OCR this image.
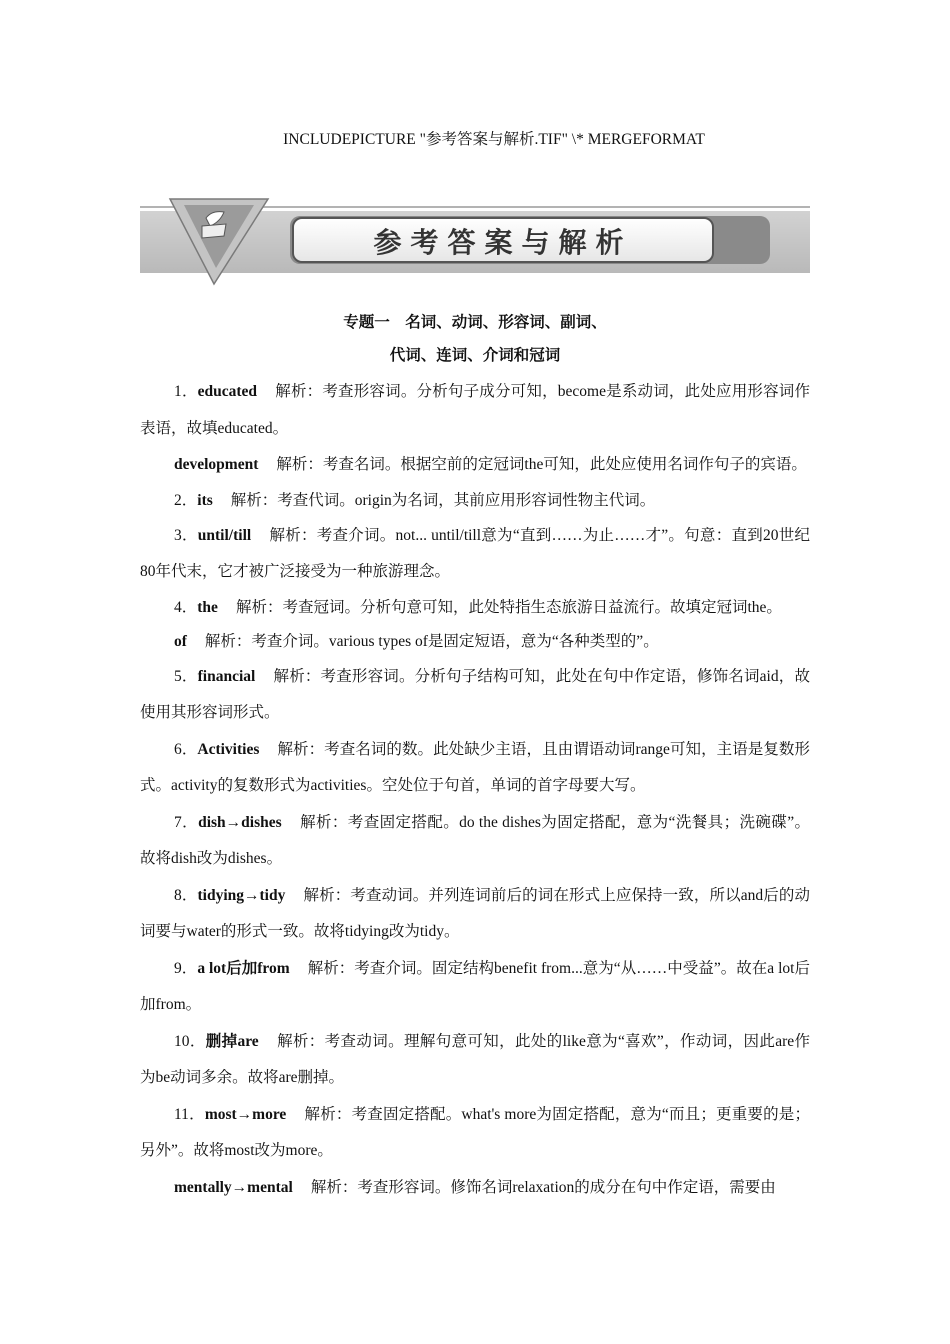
INCLUDEPICTURE "参考答案与解析.TIF" \* MERGEFORMAT
参考答案与解析
专题一　名词、动词、形容词、副词、
代词、连词、介词和冠词

1．educated 解析：考查形容词。分析句子成分可知，become是系动词，此处应用形容词作表语，故填educated。

development 解析：考查名词。根据空前的定冠词the可知，此处应使用名词作句子的宾语。

2．its 解析：考查代词。origin为名词，其前应用形容词性物主代词。

3．until/till 解析：考查介词。not... until/till意为“直到……为止……才”。句意：直到20世纪80年代末，它才被广泛接受为一种旅游理念。

4．the 解析：考查冠词。分析句意可知，此处特指生态旅游日益流行。故填定冠词the。

of 解析：考查介词。various types of是固定短语，意为“各种类型的”。

5．financial 解析：考查形容词。分析句子结构可知，此处在句中作定语，修饰名词aid，故使用其形容词形式。

6．Activities 解析：考查名词的数。此处缺少主语，且由谓语动词range可知，主语是复数形式。activity的复数形式为activities。空处位于句首，单词的首字母要大写。

7．dish→dishes 解析：考查固定搭配。do the dishes为固定搭配，意为“洗餐具；洗碗碟”。故将dish改为dishes。

8．tidying→tidy 解析：考查动词。并列连词前后的词在形式上应保持一致，所以and后的动词要与water的形式一致。故将tidying改为tidy。

9．a lot后加from 解析：考查介词。固定结构benefit from...意为“从……中受益”。故在a lot后加from。

10．删掉are 解析：考查动词。理解句意可知，此处的like意为“喜欢”，作动词，因此are作为be动词多余。故将are删掉。

11．most→more 解析：考查固定搭配。what's more为固定搭配，意为“而且；更重要的是；另外”。故将most改为more。

mentally→mental 解析：考查形容词。修饰名词relaxation的成分在句中作定语，需要由
